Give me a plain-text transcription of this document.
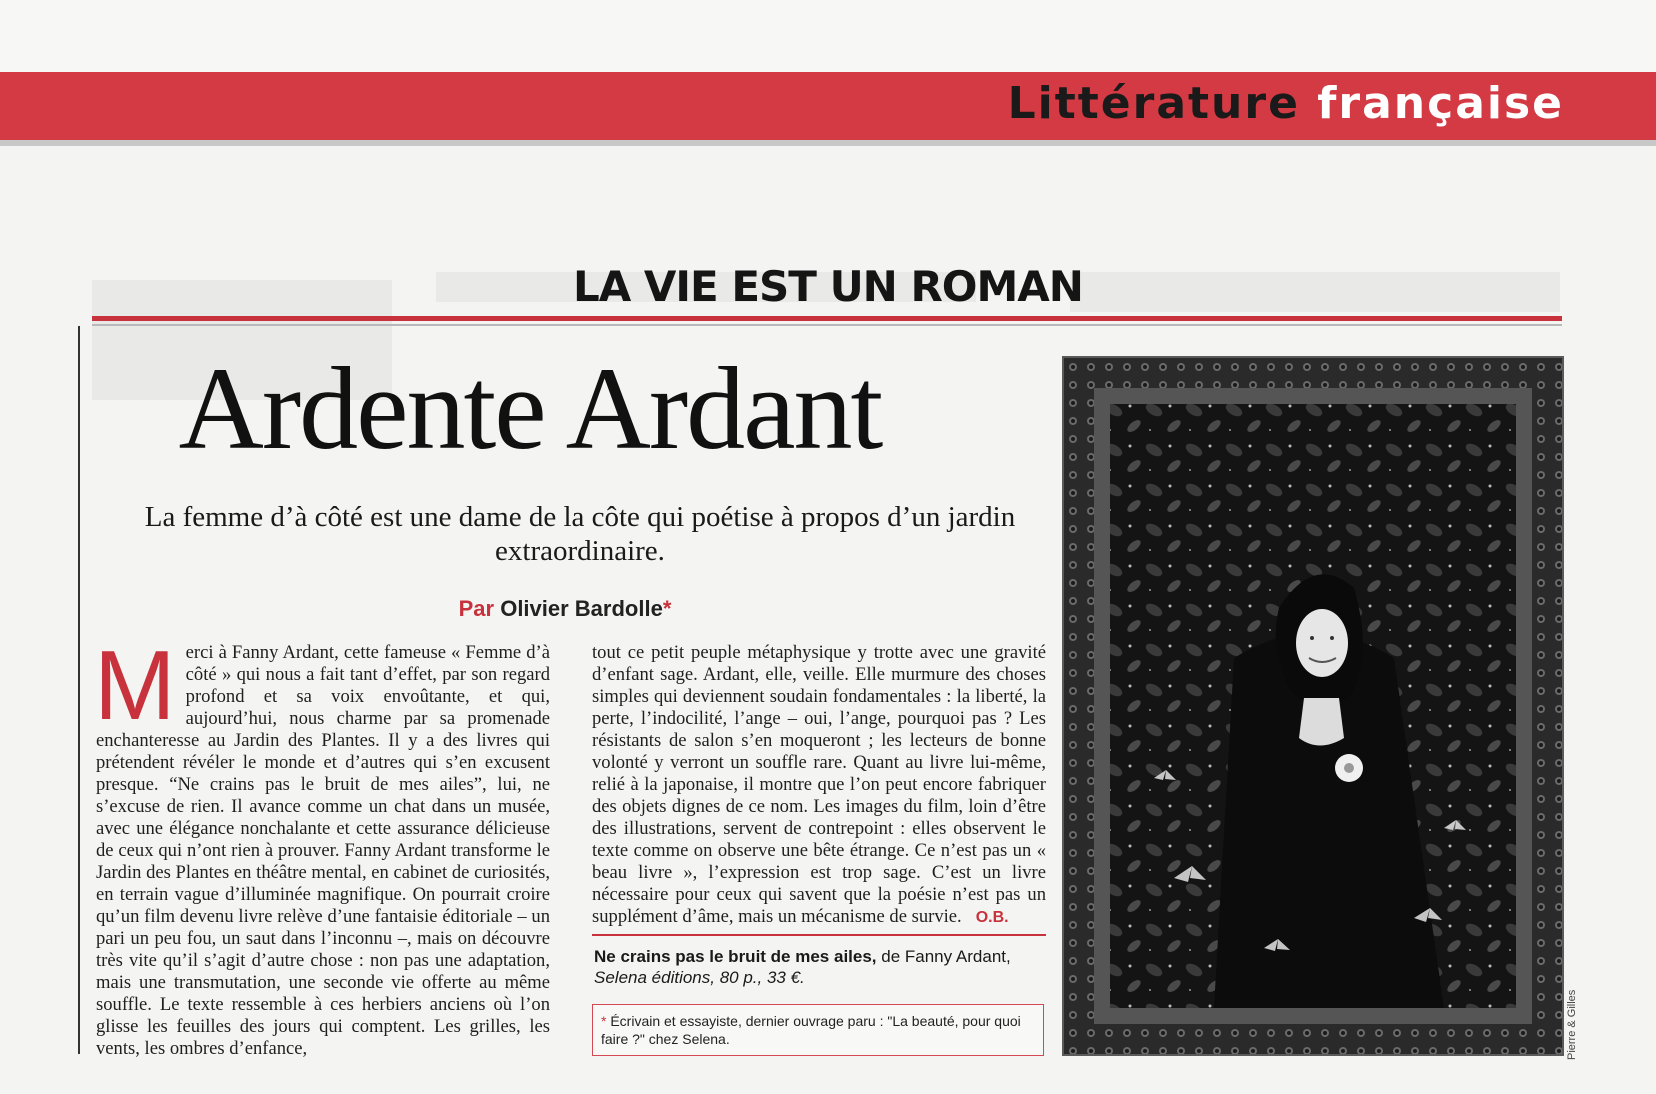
Littérature française
LA VIE EST UN ROMAN
Ardente Ardant
La femme d’à côté est une dame de la côte qui poétise à propos d’un jardin extraordinaire.
Par Olivier Bardolle*
Merci à Fanny Ardant, cette fameuse « Femme d’à côté » qui nous a fait tant d’effet, par son regard profond et sa voix envoûtante, et qui, aujourd’hui, nous charme par sa promenade enchanteresse au Jardin des Plantes. Il y a des livres qui prétendent révéler le monde et d’autres qui s’en excusent presque. “Ne crains pas le bruit de mes ailes”, lui, ne s’excuse de rien. Il avance comme un chat dans un musée, avec une élégance nonchalante et cette assurance délicieuse de ceux qui n’ont rien à prouver. Fanny Ardant transforme le Jardin des Plantes en théâtre mental, en cabinet de curiosités, en terrain vague d’illuminée magnifique. On pourrait croire qu’un film devenu livre relève d’une fantaisie éditoriale – un pari un peu fou, un saut dans l’inconnu –, mais on découvre très vite qu’il s’agit d’autre chose : non pas une adaptation, mais une transmutation, une seconde vie offerte au même souffle. Le texte ressemble à ces herbiers anciens où l’on glisse les feuilles des jours qui comptent. Les grilles, les vents, les ombres d’enfance,
tout ce petit peuple métaphysique y trotte avec une gravité d’enfant sage. Ardant, elle, veille. Elle murmure des choses simples qui deviennent soudain fondamentales : la liberté, la perte, l’indocilité, l’ange – oui, l’ange, pourquoi pas ? Les résistants de salon s’en moqueront ; les lecteurs de bonne volonté y verront un souffle rare. Quant au livre lui-même, relié à la japonaise, il montre que l’on peut encore fabriquer des objets dignes de ce nom. Les images du film, loin d’être des illustrations, servent de contrepoint : elles observent le texte comme on observe une bête étrange. Ce n’est pas un « beau livre », l’expression est trop sage. C’est un livre nécessaire pour ceux qui savent que la poésie n’est pas un supplément d’âme, mais un mécanisme de survie. O.B.
Ne crains pas le bruit de mes ailes, de Fanny Ardant,
Selena éditions, 80 p., 33 €.
* Écrivain et essayiste, dernier ouvrage paru : "La beauté, pour quoi faire ?" chez Selena.	Pierre & Gilles
